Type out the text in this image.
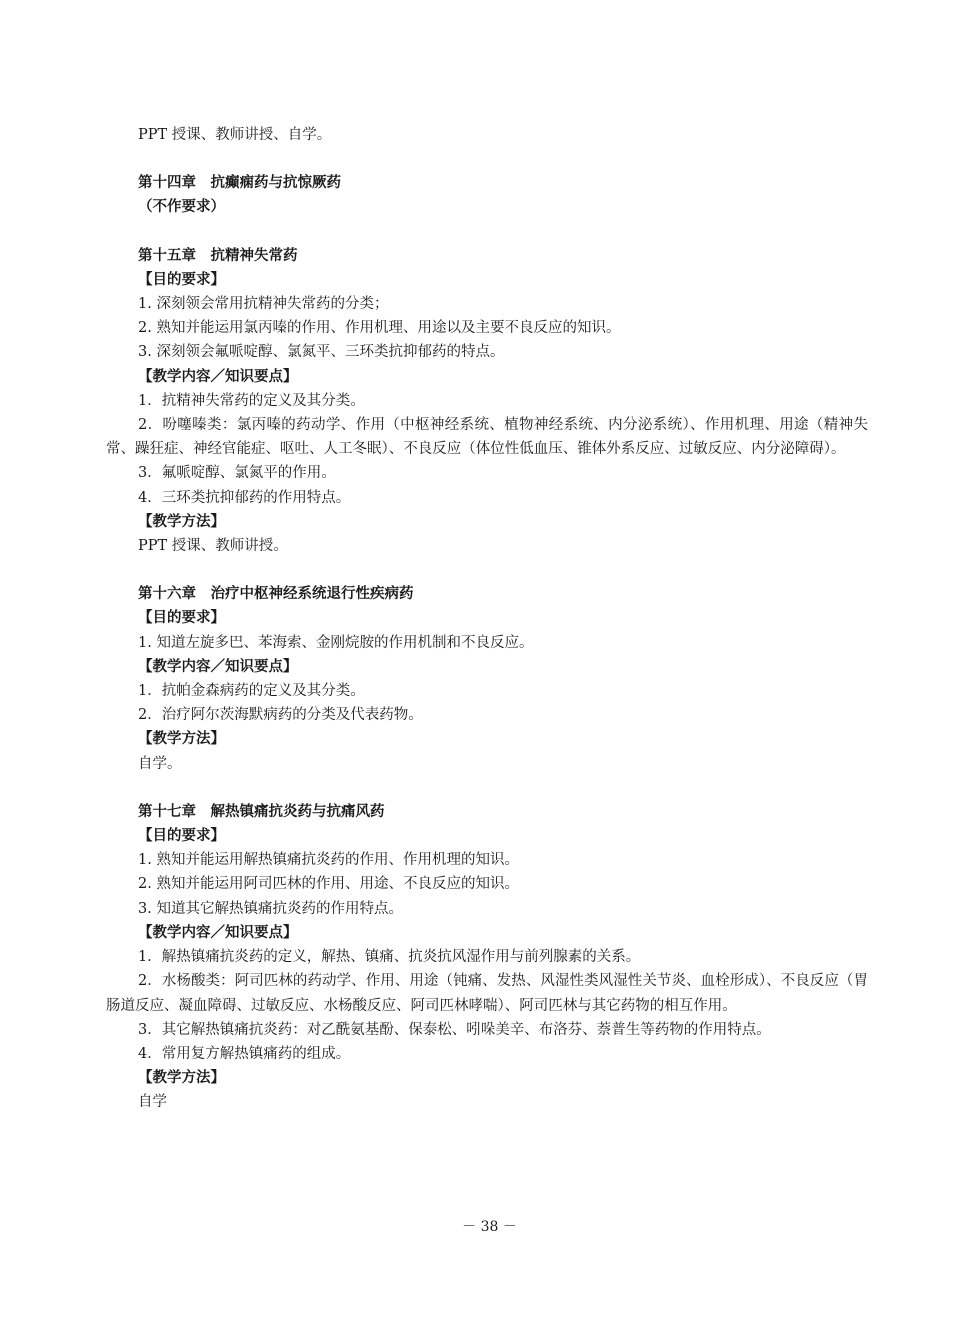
PPT 授课、教师讲授、自学。
第十四章　抗癫痫药与抗惊厥药
（不作要求）
第十五章　抗精神失常药
【目的要求】
1. 深刻领会常用抗精神失常药的分类；
2. 熟知并能运用氯丙嗪的作用、作用机理、用途以及主要不良反应的知识。
3. 深刻领会氟哌啶醇、氯氮平、三环类抗抑郁药的特点。
【教学内容／知识要点】
1．抗精神失常药的定义及其分类。
2．吩噻嗪类：氯丙嗪的药动学、作用（中枢神经系统、植物神经系统、内分泌系统）、作用机理、用途（精神失常、躁狂症、神经官能症、呕吐、人工冬眠）、不良反应（体位性低血压、锥体外系反应、过敏反应、内分泌障碍）。
3．氟哌啶醇、氯氮平的作用。
4．三环类抗抑郁药的作用特点。
【教学方法】
PPT 授课、教师讲授。
第十六章　治疗中枢神经系统退行性疾病药
【目的要求】
1. 知道左旋多巴、苯海索、金刚烷胺的作用机制和不良反应。
【教学内容／知识要点】
1．抗帕金森病药的定义及其分类。
2．治疗阿尔茨海默病药的分类及代表药物。
【教学方法】
自学。
第十七章　解热镇痛抗炎药与抗痛风药
【目的要求】
1. 熟知并能运用解热镇痛抗炎药的作用、作用机理的知识。
2. 熟知并能运用阿司匹林的作用、用途、不良反应的知识。
3. 知道其它解热镇痛抗炎药的作用特点。
【教学内容／知识要点】
1．解热镇痛抗炎药的定义，解热、镇痛、抗炎抗风湿作用与前列腺素的关系。
2．水杨酸类：阿司匹林的药动学、作用、用途（钝痛、发热、风湿性类风湿性关节炎、血栓形成）、不良反应（胃肠道反应、凝血障碍、过敏反应、水杨酸反应、阿司匹林哮喘）、阿司匹林与其它药物的相互作用。
3．其它解热镇痛抗炎药：对乙酰氨基酚、保泰松、吲哚美辛、布洛芬、萘普生等药物的作用特点。
4．常用复方解热镇痛药的组成。
【教学方法】
自学
－ 38 －
